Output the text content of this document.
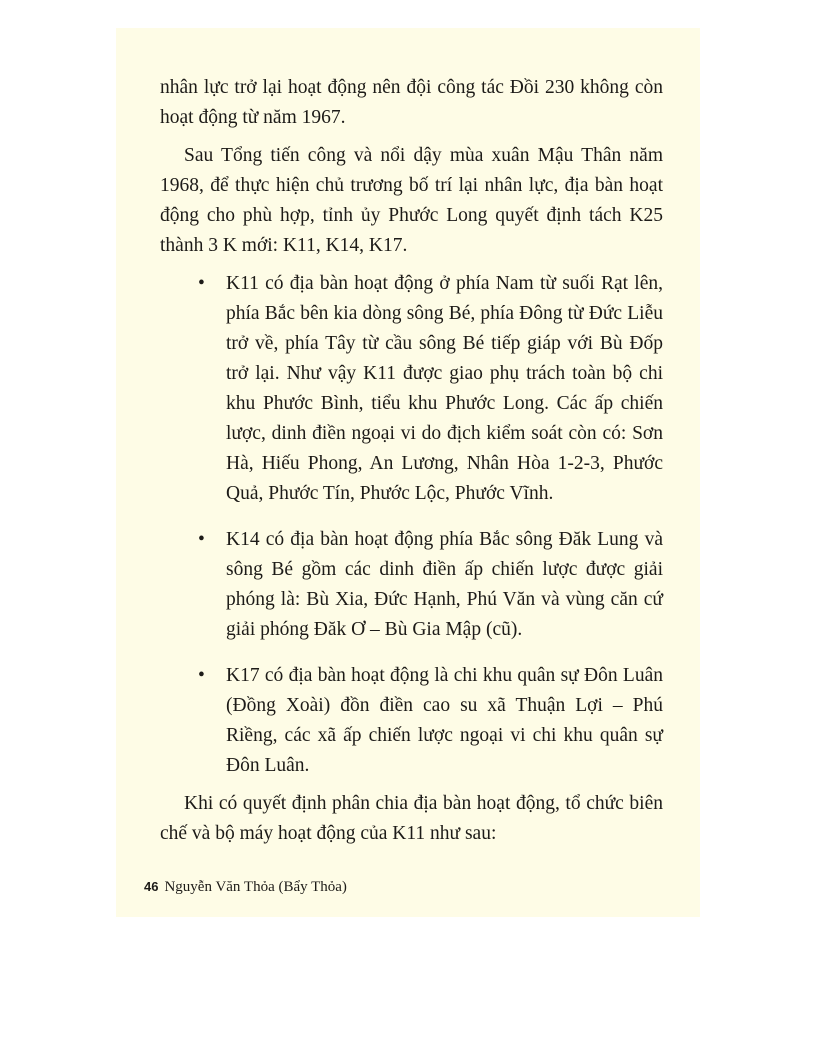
nhân lực trở lại hoạt động nên đội công tác Đồi 230 không còn hoạt động từ năm 1967.

Sau Tổng tiến công và nổi dậy mùa xuân Mậu Thân năm 1968, để thực hiện chủ trương bố trí lại nhân lực, địa bàn hoạt động cho phù hợp, tỉnh ủy Phước Long quyết định tách K25 thành 3 K mới: K11, K14, K17.

• K11 có địa bàn hoạt động ở phía Nam từ suối Rạt lên, phía Bắc bên kia dòng sông Bé, phía Đông từ Đức Liễu trở về, phía Tây từ cầu sông Bé tiếp giáp với Bù Đốp trở lại. Như vậy K11 được giao phụ trách toàn bộ chi khu Phước Bình, tiểu khu Phước Long. Các ấp chiến lược, dinh điền ngoại vi do địch kiểm soát còn có: Sơn Hà, Hiếu Phong, An Lương, Nhân Hòa 1-2-3, Phước Quả, Phước Tín, Phước Lộc, Phước Vĩnh.
• K14 có địa bàn hoạt động phía Bắc sông Đăk Lung và sông Bé gồm các dinh điền ấp chiến lược được giải phóng là: Bù Xia, Đức Hạnh, Phú Văn và vùng căn cứ giải phóng Đăk Ơ – Bù Gia Mập (cũ).
• K17 có địa bàn hoạt động là chi khu quân sự Đôn Luân (Đồng Xoài) đồn điền cao su xã Thuận Lợi – Phú Riềng, các xã ấp chiến lược ngoại vi chi khu quân sự Đôn Luân.

Khi có quyết định phân chia địa bàn hoạt động, tổ chức biên chế và bộ máy hoạt động của K11 như sau:

46 Nguyễn Văn Thỏa (Bẩy Thỏa)
